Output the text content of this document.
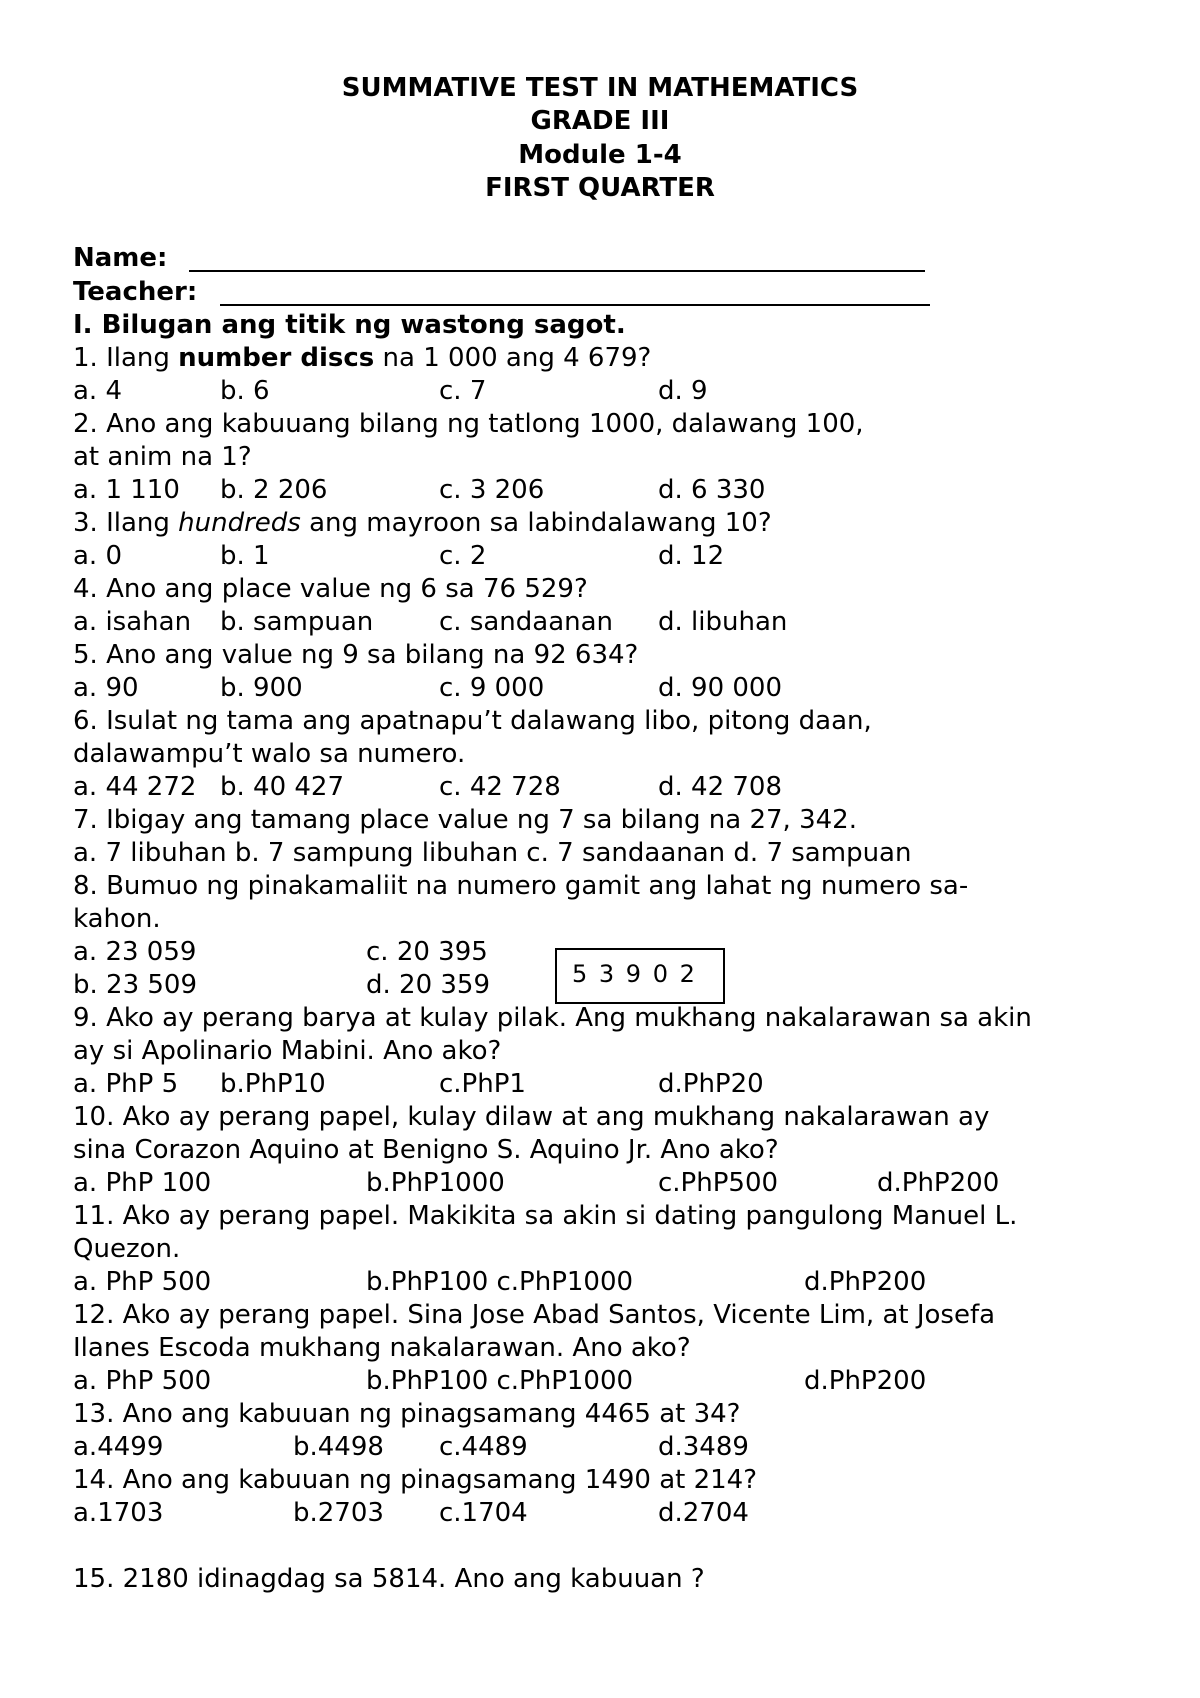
SUMMATIVE TEST IN MATHEMATICS
GRADE III
Module 1-4
FIRST QUARTER
Name:
Teacher:
I. Bilugan ang titik ng wastong sagot.
1. Ilang number discs na 1 000 ang 4 679?
a. 4	b. 6	c. 7	d. 9
2. Ano ang kabuuang bilang ng tatlong 1000, dalawang 100,
at anim na 1?
a. 1 110 b. 2 206	c. 3 206	d. 6 330
3. Ilang hundreds ang mayroon sa labindalawang 10?
a. 0	b. 1	c. 2	d. 12
4. Ano ang place value ng 6 sa 76 529?
a. isahan b. sampuan	c. sandaanan d. libuhan
5. Ano ang value ng 9 sa bilang na 92 634?
a. 90	b. 900	c. 9 000	d. 90 000
6. Isulat ng tama ang apatnapu’t dalawang libo, pitong daan,
dalawampu’t walo sa numero.
a. 44 272 b. 40 427	c. 42 728	d. 42 708
7. Ibigay ang tamang place value ng 7 sa bilang na 27, 342.
a. 7 libuhan b. 7 sampung libuhan c. 7 sandaanan d. 7 sampuan
8. Bumuo ng pinakamaliit na numero gamit ang lahat ng numero sa-
kahon.
a. 23 059	c. 20 395
b. 23 509	d. 20 359	5 3 9 0 2
9. Ako ay perang barya at kulay pilak. Ang mukhang nakalarawan sa akin
ay si Apolinario Mabini. Ano ako?
a. PhP 5 b.PhP10	c.PhP1	d.PhP20
10. Ako ay perang papel, kulay dilaw at ang mukhang nakalarawan ay
sina Corazon Aquino at Benigno S. Aquino Jr. Ano ako?
a. PhP 100	b.PhP1000	c.PhP500	d.PhP200
11. Ako ay perang papel. Makikita sa akin si dating pangulong Manuel L.
Quezon.
a. PhP 500	b.PhP100 c.PhP1000	d.PhP200
12. Ako ay perang papel. Sina Jose Abad Santos, Vicente Lim, at Josefa
Ilanes Escoda mukhang nakalarawan. Ano ako?
a. PhP 500	b.PhP100 c.PhP1000	d.PhP200
13. Ano ang kabuuan ng pinagsamang 4465 at 34?
a.4499	b.4498 c.4489	d.3489
14. Ano ang kabuuan ng pinagsamang 1490 at 214?
a.1703	b.2703 c.1704	d.2704
15. 2180 idinagdag sa 5814. Ano ang kabuuan ?
